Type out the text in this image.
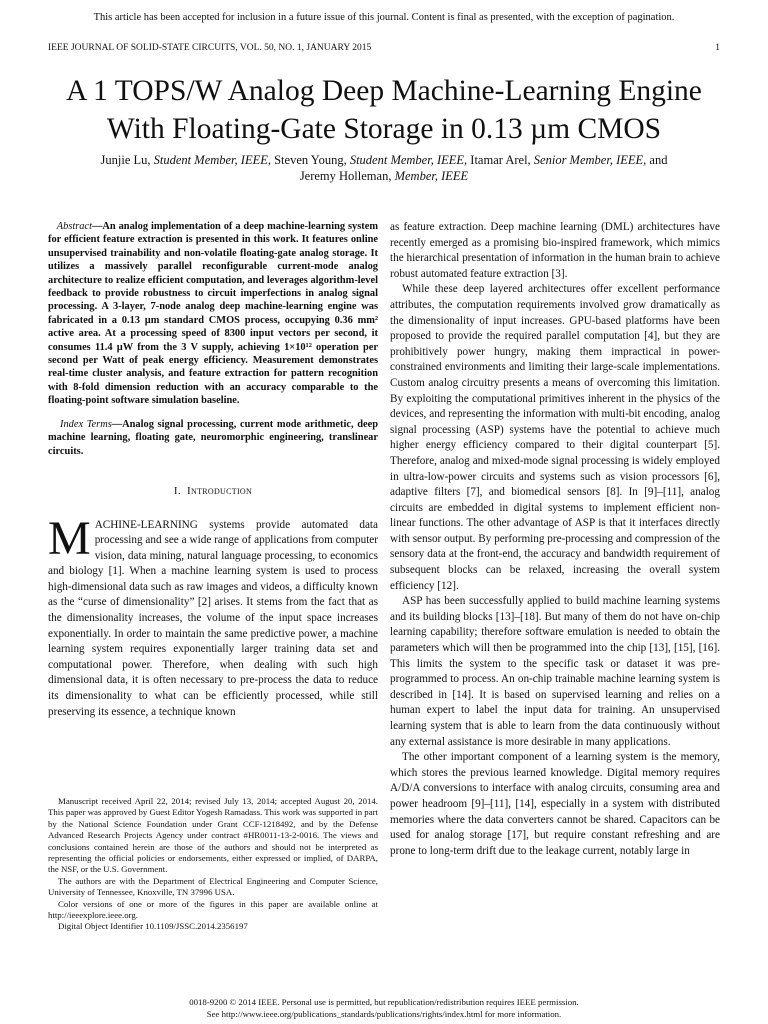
This article has been accepted for inclusion in a future issue of this journal. Content is final as presented, with the exception of pagination.
IEEE JOURNAL OF SOLID-STATE CIRCUITS, VOL. 50, NO. 1, JANUARY 2015	1
A 1 TOPS/W Analog Deep Machine-Learning Engine
With Floating-Gate Storage in 0.13 µm CMOS
Junjie Lu, Student Member, IEEE, Steven Young, Student Member, IEEE, Itamar Arel, Senior Member, IEEE, and
Jeremy Holleman, Member, IEEE
Abstract—An analog implementation of a deep machine-learning system for efficient feature extraction is presented in this work. It features online unsupervised trainability and non-volatile floating-gate analog storage. It utilizes a massively parallel reconfigurable current-mode analog architecture to realize efficient computation, and leverages algorithm-level feedback to provide robustness to circuit imperfections in analog signal processing. A 3-layer, 7-node analog deep machine-learning engine was fabricated in a 0.13 µm standard CMOS process, occupying 0.36 mm² active area. At a processing speed of 8300 input vectors per second, it consumes 11.4 µW from the 3 V supply, achieving 1×10¹² operation per second per Watt of peak energy efficiency. Measurement demonstrates real-time cluster analysis, and feature extraction for pattern recognition with 8-fold dimension reduction with an accuracy comparable to the floating-point software simulation baseline.
Index Terms—Analog signal processing, current mode arithmetic, deep machine learning, floating gate, neuromorphic engineering, translinear circuits.
I. Introduction
MACHINE-LEARNING systems provide automated data processing and see a wide range of applications from computer vision, data mining, natural language processing, to economics and biology [1]. When a machine learning system is used to process high-dimensional data such as raw images and videos, a difficulty known as the “curse of dimensionality” [2] arises. It stems from the fact that as the dimensionality increases, the volume of the input space increases exponentially. In order to maintain the same predictive power, a machine learning system requires exponentially larger training data set and computational power. Therefore, when dealing with such high dimensional data, it is often necessary to pre-process the data to reduce its dimensionality to what can be efficiently processed, while still preserving its essence, a technique known

Manuscript received April 22, 2014; revised July 13, 2014; accepted August 20, 2014. This paper was approved by Guest Editor Yogesh Ramadass. This work was supported in part by the National Science Foundation under Grant CCF-1218492, and by the Defense Advanced Research Projects Agency under contract #HR0011-13-2-0016. The views and conclusions contained herein are those of the authors and should not be interpreted as representing the official policies or endorsements, either expressed or implied, of DARPA, the NSF, or the U.S. Government.

The authors are with the Department of Electrical Engineering and Computer Science, University of Tennessee, Knoxville, TN 37996 USA.

Color versions of one or more of the figures in this paper are available online at http://ieeexplore.ieee.org.

Digital Object Identifier 10.1109/JSSC.2014.2356197

as feature extraction. Deep machine learning (DML) architectures have recently emerged as a promising bio-inspired framework, which mimics the hierarchical presentation of information in the human brain to achieve robust automated feature extraction [3].

While these deep layered architectures offer excellent performance attributes, the computation requirements involved grow dramatically as the dimensionality of input increases. GPU-based platforms have been proposed to provide the required parallel computation [4], but they are prohibitively power hungry, making them impractical in power-constrained environments and limiting their large-scale implementations. Custom analog circuitry presents a means of overcoming this limitation. By exploiting the computational primitives inherent in the physics of the devices, and representing the information with multi-bit encoding, analog signal processing (ASP) systems have the potential to achieve much higher energy efficiency compared to their digital counterpart [5]. Therefore, analog and mixed-mode signal processing is widely employed in ultra-low-power circuits and systems such as vision processors [6], adaptive filters [7], and biomedical sensors [8]. In [9]–[11], analog circuits are embedded in digital systems to implement efficient non-linear functions. The other advantage of ASP is that it interfaces directly with sensor output. By performing pre-processing and compression of the sensory data at the front-end, the accuracy and bandwidth requirement of subsequent blocks can be relaxed, increasing the overall system efficiency [12].

ASP has been successfully applied to build machine learning systems and its building blocks [13]–[18]. But many of them do not have on-chip learning capability; therefore software emulation is needed to obtain the parameters which will then be programmed into the chip [13], [15], [16]. This limits the system to the specific task or dataset it was pre-programmed to process. An on-chip trainable machine learning system is described in [14]. It is based on supervised learning and relies on a human expert to label the input data for training. An unsupervised learning system that is able to learn from the data continuously without any external assistance is more desirable in many applications.

The other important component of a learning system is the memory, which stores the previous learned knowledge. Digital memory requires A/D/A conversions to interface with analog circuits, consuming area and power headroom [9]–[11], [14], especially in a system with distributed memories where the data converters cannot be shared. Capacitors can be used for analog storage [17], but require constant refreshing and are prone to long-term drift due to the leakage current, notably large in

0018-9200 © 2014 IEEE. Personal use is permitted, but republication/redistribution requires IEEE permission.
See http://www.ieee.org/publications_standards/publications/rights/index.html for more information.
